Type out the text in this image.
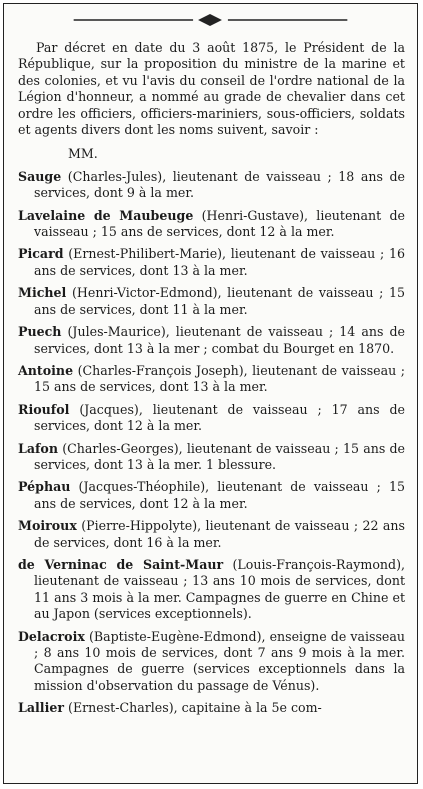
Par décret en date du 3 août 1875, le Président de la République, sur la proposition du ministre de la marine et des colonies, et vu l'avis du conseil de l'ordre national de la Légion d'honneur, a nommé au grade de chevalier dans cet ordre les officiers, officiers-mariniers, sous-officiers, soldats et agents divers dont les noms suivent, savoir :

MM.

Sauge (Charles-Jules), lieutenant de vaisseau ; 18 ans de services, dont 9 à la mer.

Lavelaine de Maubeuge (Henri-Gustave), lieutenant de vaisseau ; 15 ans de services, dont 12 à la mer.

Picard (Ernest-Philibert-Marie), lieutenant de vaisseau ; 16 ans de services, dont 13 à la mer.

Michel (Henri-Victor-Edmond), lieutenant de vaisseau ; 15 ans de services, dont 11 à la mer.

Puech (Jules-Maurice), lieutenant de vaisseau ; 14 ans de services, dont 13 à la mer ; combat du Bourget en 1870.

Antoine (Charles-François Joseph), lieutenant de vaisseau ; 15 ans de services, dont 13 à la mer.

Rioufol (Jacques), lieutenant de vaisseau ; 17 ans de services, dont 12 à la mer.

Lafon (Charles-Georges), lieutenant de vaisseau ; 15 ans de services, dont 13 à la mer. 1 blessure.

Péphau (Jacques-Théophile), lieutenant de vaisseau ; 15 ans de services, dont 12 à la mer.

Moiroux (Pierre-Hippolyte), lieutenant de vaisseau ; 22 ans de services, dont 16 à la mer.

de Verninac de Saint-Maur (Louis-François-Raymond), lieutenant de vaisseau ; 13 ans 10 mois de services, dont 11 ans 3 mois à la mer. Campagnes de guerre en Chine et au Japon (services exceptionnels).

Delacroix (Baptiste-Eugène-Edmond), enseigne de vaisseau ; 8 ans 10 mois de services, dont 7 ans 9 mois à la mer. Campagnes de guerre (services exceptionnels dans la mission d'observation du passage de Vénus).

Lallier (Ernest-Charles), capitaine à la 5e com-
